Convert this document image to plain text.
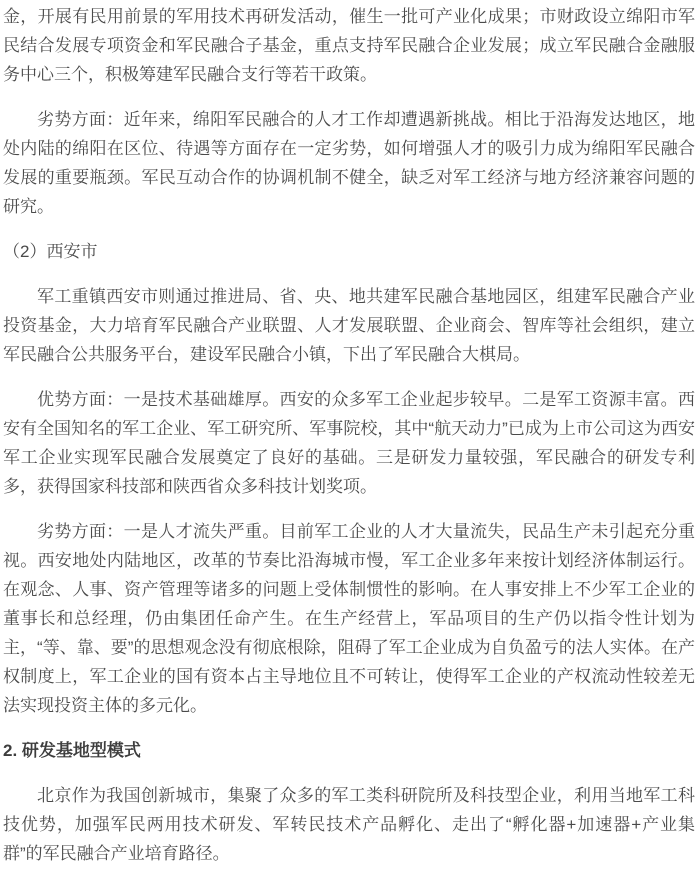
金，开展有民用前景的军用技术再研发活动，催生一批可产业化成果；市财政设立绵阳市军民结合发展专项资金和军民融合子基金，重点支持军民融合企业发展；成立军民融合金融服务中心三个，积极筹建军民融合支行等若干政策。

劣势方面：近年来，绵阳军民融合的人才工作却遭遇新挑战。相比于沿海发达地区，地处内陆的绵阳在区位、待遇等方面存在一定劣势，如何增强人才的吸引力成为绵阳军民融合发展的重要瓶颈。军民互动合作的协调机制不健全，缺乏对军工经济与地方经济兼容问题的研究。

（2）西安市

军工重镇西安市则通过推进局、省、央、地共建军民融合基地园区，组建军民融合产业投资基金，大力培育军民融合产业联盟、人才发展联盟、企业商会、智库等社会组织，建立军民融合公共服务平台，建设军民融合小镇，下出了军民融合大棋局。

优势方面：一是技术基础雄厚。西安的众多军工企业起步较早。二是军工资源丰富。西安有全国知名的军工企业、军工研究所、军事院校，其中“航天动力”已成为上市公司这为西安军工企业实现军民融合发展奠定了良好的基础。三是研发力量较强，军民融合的研发专利多，获得国家科技部和陕西省众多科技计划奖项。

劣势方面：一是人才流失严重。目前军工企业的人才大量流失，民品生产未引起充分重视。西安地处内陆地区，改革的节奏比沿海城市慢，军工企业多年来按计划经济体制运行。在观念、人事、资产管理等诸多的问题上受体制惯性的影响。在人事安排上不少军工企业的董事长和总经理，仍由集团任命产生。在生产经营上，军品项目的生产仍以指令性计划为主，“等、靠、要”的思想观念没有彻底根除，阻碍了军工企业成为自负盈亏的法人实体。在产权制度上，军工企业的国有资本占主导地位且不可转让，使得军工企业的产权流动性较差无法实现投资主体的多元化。

2. 研发基地型模式

北京作为我国创新城市，集聚了众多的军工类科研院所及科技型企业，利用当地军工科技优势，加强军民两用技术研发、军转民技术产品孵化、走出了“孵化器+加速器+产业集群”的军民融合产业培育路径。
